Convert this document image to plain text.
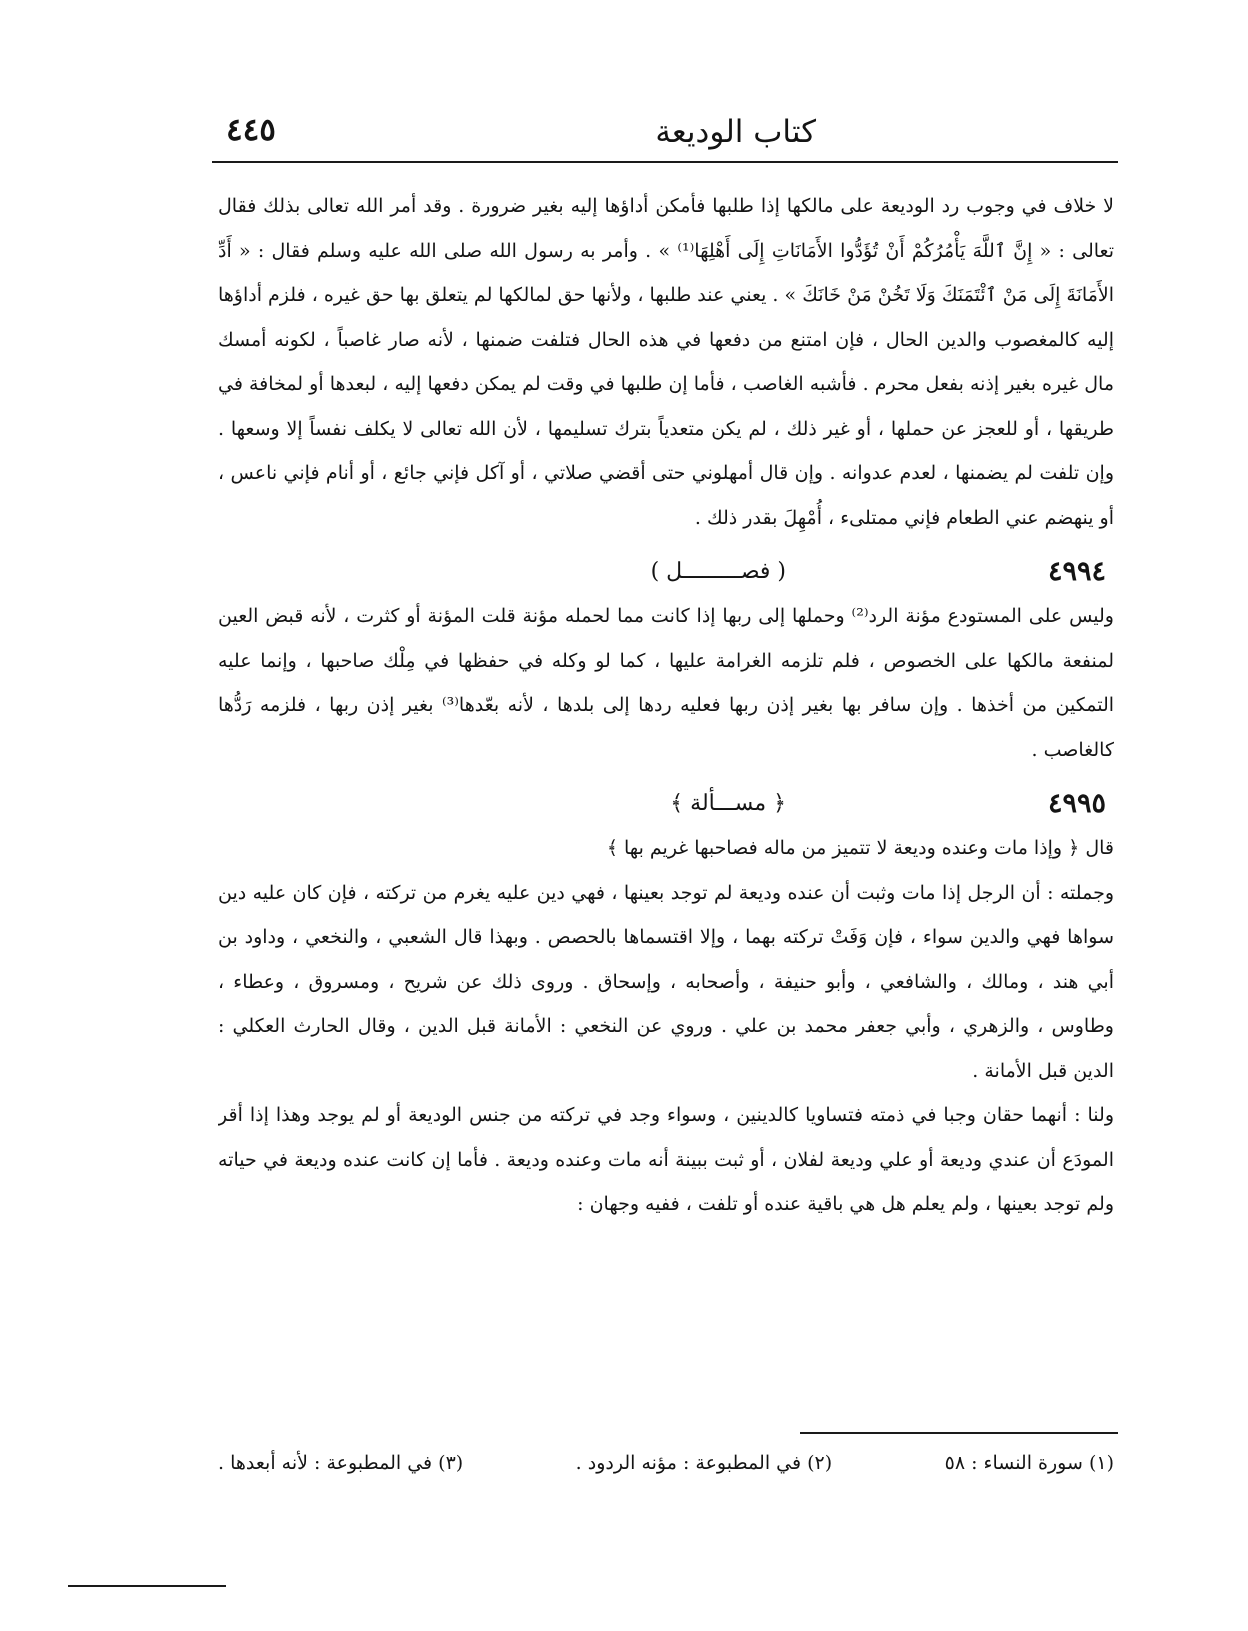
كتاب الوديعة
٤٤٥

لا خلاف في وجوب رد الوديعة على مالكها إذا طلبها فأمكن أداؤها إليه بغير ضرورة . وقد أمر الله تعالى بذلك فقال تعالى : « إِنَّ ٱللَّهَ يَأْمُرُكُمْ أَنْ تُؤَدُّوا الأَمَانَاتِ إِلَى أَهْلِهَا⁽¹⁾ » . وأمر به رسول الله صلى الله عليه وسلم فقال : « أَدِّ الأَمَانَةَ إِلَى مَنْ ٱئْتَمَنَكَ وَلَا تَخُنْ مَنْ خَانَكَ » . يعني عند طلبها ، ولأنها حق لمالكها لم يتعلق بها حق غيره ، فلزم أداؤها إليه كالمغصوب والدين الحال ، فإن امتنع من دفعها في هذه الحال فتلفت ضمنها ، لأنه صار غاصباً ، لكونه أمسك مال غيره بغير إذنه بفعل محرم . فأشبه الغاصب ، فأما إن طلبها في وقت لم يمكن دفعها إليه ، لبعدها أو لمخافة في طريقها ، أو للعجز عن حملها ، أو غير ذلك ، لم يكن متعدياً بترك تسليمها ، لأن الله تعالى لا يكلف نفساً إلا وسعها . وإن تلفت لم يضمنها ، لعدم عدوانه . وإن قال أمهلوني حتى أقضي صلاتي ، أو آكل فإني جائع ، أو أنام فإني ناعس ، أو ينهضم عني الطعام فإني ممتلىء ، أُمْهِلَ بقدر ذلك .

٤٩٩٤
( فصـــــــــل )

وليس على المستودع مؤنة الرد⁽²⁾ وحملها إلى ربها إذا كانت مما لحمله مؤنة قلت المؤنة أو كثرت ، لأنه قبض العين لمنفعة مالكها على الخصوص ، فلم تلزمه الغرامة عليها ، كما لو وكله في حفظها في مِلْك صاحبها ، وإنما عليه التمكين من أخذها . وإن سافر بها بغير إذن ربها فعليه ردها إلى بلدها ، لأنه بعّدها⁽³⁾ بغير إذن ربها ، فلزمه رَدُّها كالغاصب .

٤٩٩٥
﴿ مســـألة ﴾

قال ﴿ وإذا مات وعنده وديعة لا تتميز من ماله فصاحبها غريم بها ﴾

وجملته : أن الرجل إذا مات وثبت أن عنده وديعة لم توجد بعينها ، فهي دين عليه يغرم من تركته ، فإن كان عليه دين سواها فهي والدين سواء ، فإن وَفَتْ تركته بهما ، وإلا اقتسماها بالحصص . وبهذا قال الشعبي ، والنخعي ، وداود بن أبي هند ، ومالك ، والشافعي ، وأبو حنيفة ، وأصحابه ، وإسحاق . وروى ذلك عن شريح ، ومسروق ، وعطاء ، وطاوس ، والزهري ، وأبي جعفر محمد بن علي . وروي عن النخعي : الأمانة قبل الدين ، وقال الحارث العكلي : الدين قبل الأمانة .

ولنا : أنهما حقان وجبا في ذمته فتساويا كالدينين ، وسواء وجد في تركته من جنس الوديعة أو لم يوجد وهذا إذا أقر المودَع أن عندي وديعة أو علي وديعة لفلان ، أو ثبت ببينة أنه مات وعنده وديعة . فأما إن كانت عنده وديعة في حياته ولم توجد بعينها ، ولم يعلم هل هي باقية عنده أو تلفت ، ففيه وجهان :

(١) سورة النساء : ٥٨
(٢) في المطبوعة : مؤنه الردود .
(٣) في المطبوعة : لأنه أبعدها .
